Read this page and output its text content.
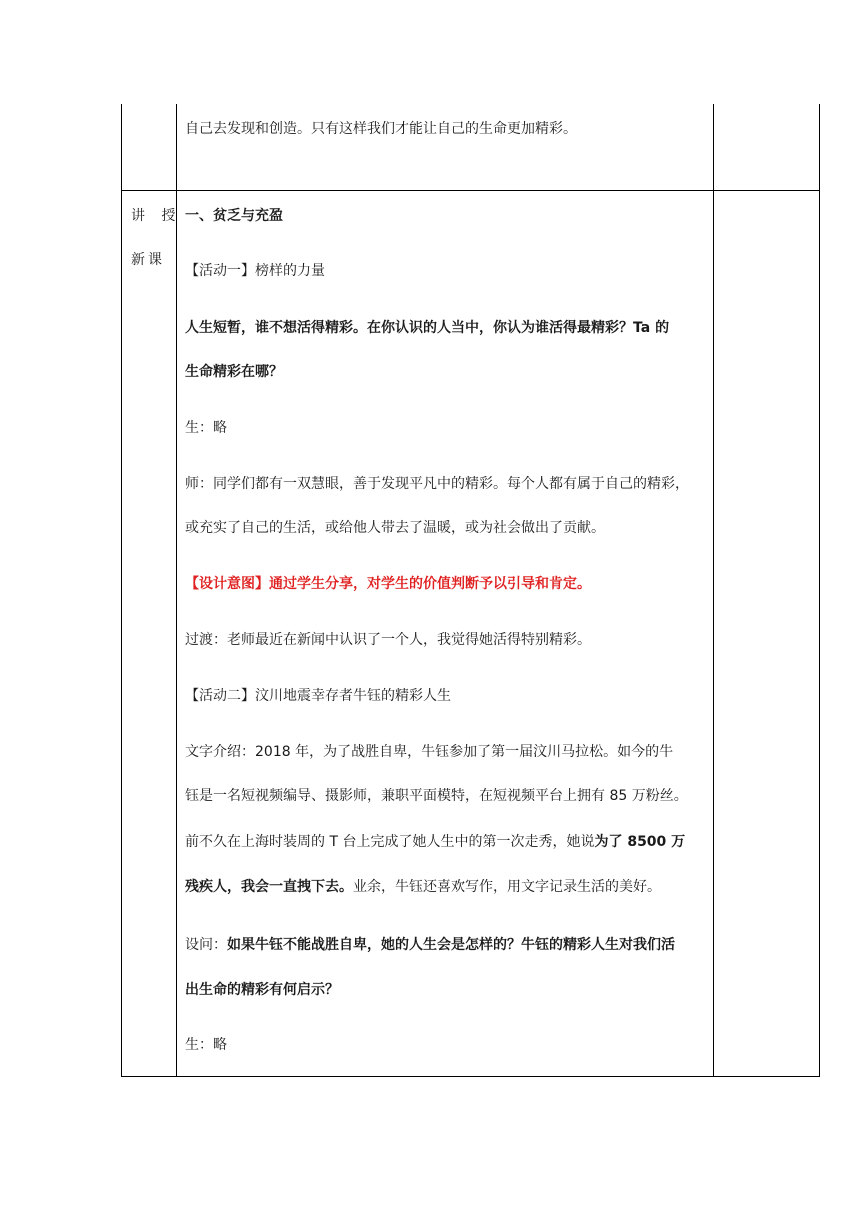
自己去发现和创造。只有这样我们才能让自己的生命更加精彩。
讲 授
新课
一、贫乏与充盈
【活动一】榜样的力量
人生短暂，谁不想活得精彩。在你认识的人当中，你认为谁活得最精彩？Ta 的
生命精彩在哪？
生：略
师：同学们都有一双慧眼，善于发现平凡中的精彩。每个人都有属于自己的精彩，
或充实了自己的生活，或给他人带去了温暖，或为社会做出了贡献。
【设计意图】通过学生分享，对学生的价值判断予以引导和肯定。
过渡：老师最近在新闻中认识了一个人，我觉得她活得特别精彩。
【活动二】汶川地震幸存者牛钰的精彩人生
文字介绍：2018 年，为了战胜自卑，牛钰参加了第一届汶川马拉松。如今的牛
钰是一名短视频编导、摄影师，兼职平面模特，在短视频平台上拥有 85 万粉丝。
前不久在上海时装周的 T 台上完成了她人生中的第一次走秀，她说为了 8500 万
残疾人，我会一直拽下去。业余，牛钰还喜欢写作，用文字记录生活的美好。
设问：如果牛钰不能战胜自卑，她的人生会是怎样的？牛钰的精彩人生对我们活
出生命的精彩有何启示？
生：略
